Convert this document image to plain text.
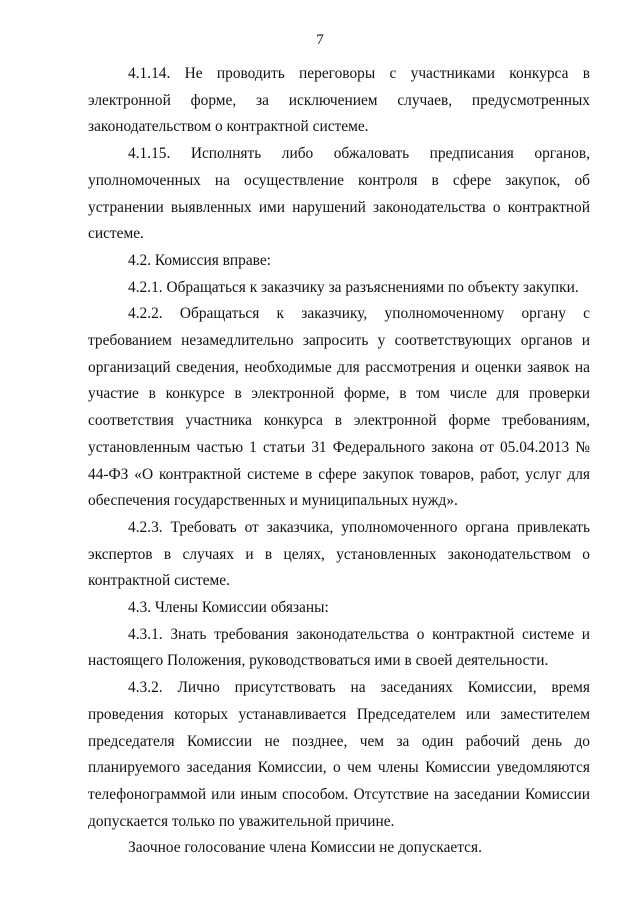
7

4.1.14. Не проводить переговоры с участниками конкурса в электронной форме, за исключением случаев, предусмотренных законодательством о контрактной системе.

4.1.15. Исполнять либо обжаловать предписания органов, уполномоченных на осуществление контроля в сфере закупок, об устранении выявленных ими нарушений законодательства о контрактной системе.

4.2. Комиссия вправе:

4.2.1. Обращаться к заказчику за разъяснениями по объекту закупки.

4.2.2. Обращаться к заказчику, уполномоченному органу с требованием незамедлительно запросить у соответствующих органов и организаций сведения, необходимые для рассмотрения и оценки заявок на участие в конкурсе в электронной форме, в том числе для проверки соответствия участника конкурса в электронной форме требованиям, установленным частью 1 статьи 31 Федерального закона от 05.04.2013 № 44-ФЗ «О контрактной системе в сфере закупок товаров, работ, услуг для обеспечения государственных и муниципальных нужд».

4.2.3. Требовать от заказчика, уполномоченного органа привлекать экспертов в случаях и в целях, установленных законодательством о контрактной системе.

4.3. Члены Комиссии обязаны:

4.3.1. Знать требования законодательства о контрактной системе и настоящего Положения, руководствоваться ими в своей деятельности.

4.3.2. Лично присутствовать на заседаниях Комиссии, время проведения которых устанавливается Председателем или заместителем председателя Комиссии не позднее, чем за один рабочий день до планируемого заседания Комиссии, о чем члены Комиссии уведомляются телефонограммой или иным способом. Отсутствие на заседании Комиссии допускается только по уважительной причине.

Заочное голосование члена Комиссии не допускается.
